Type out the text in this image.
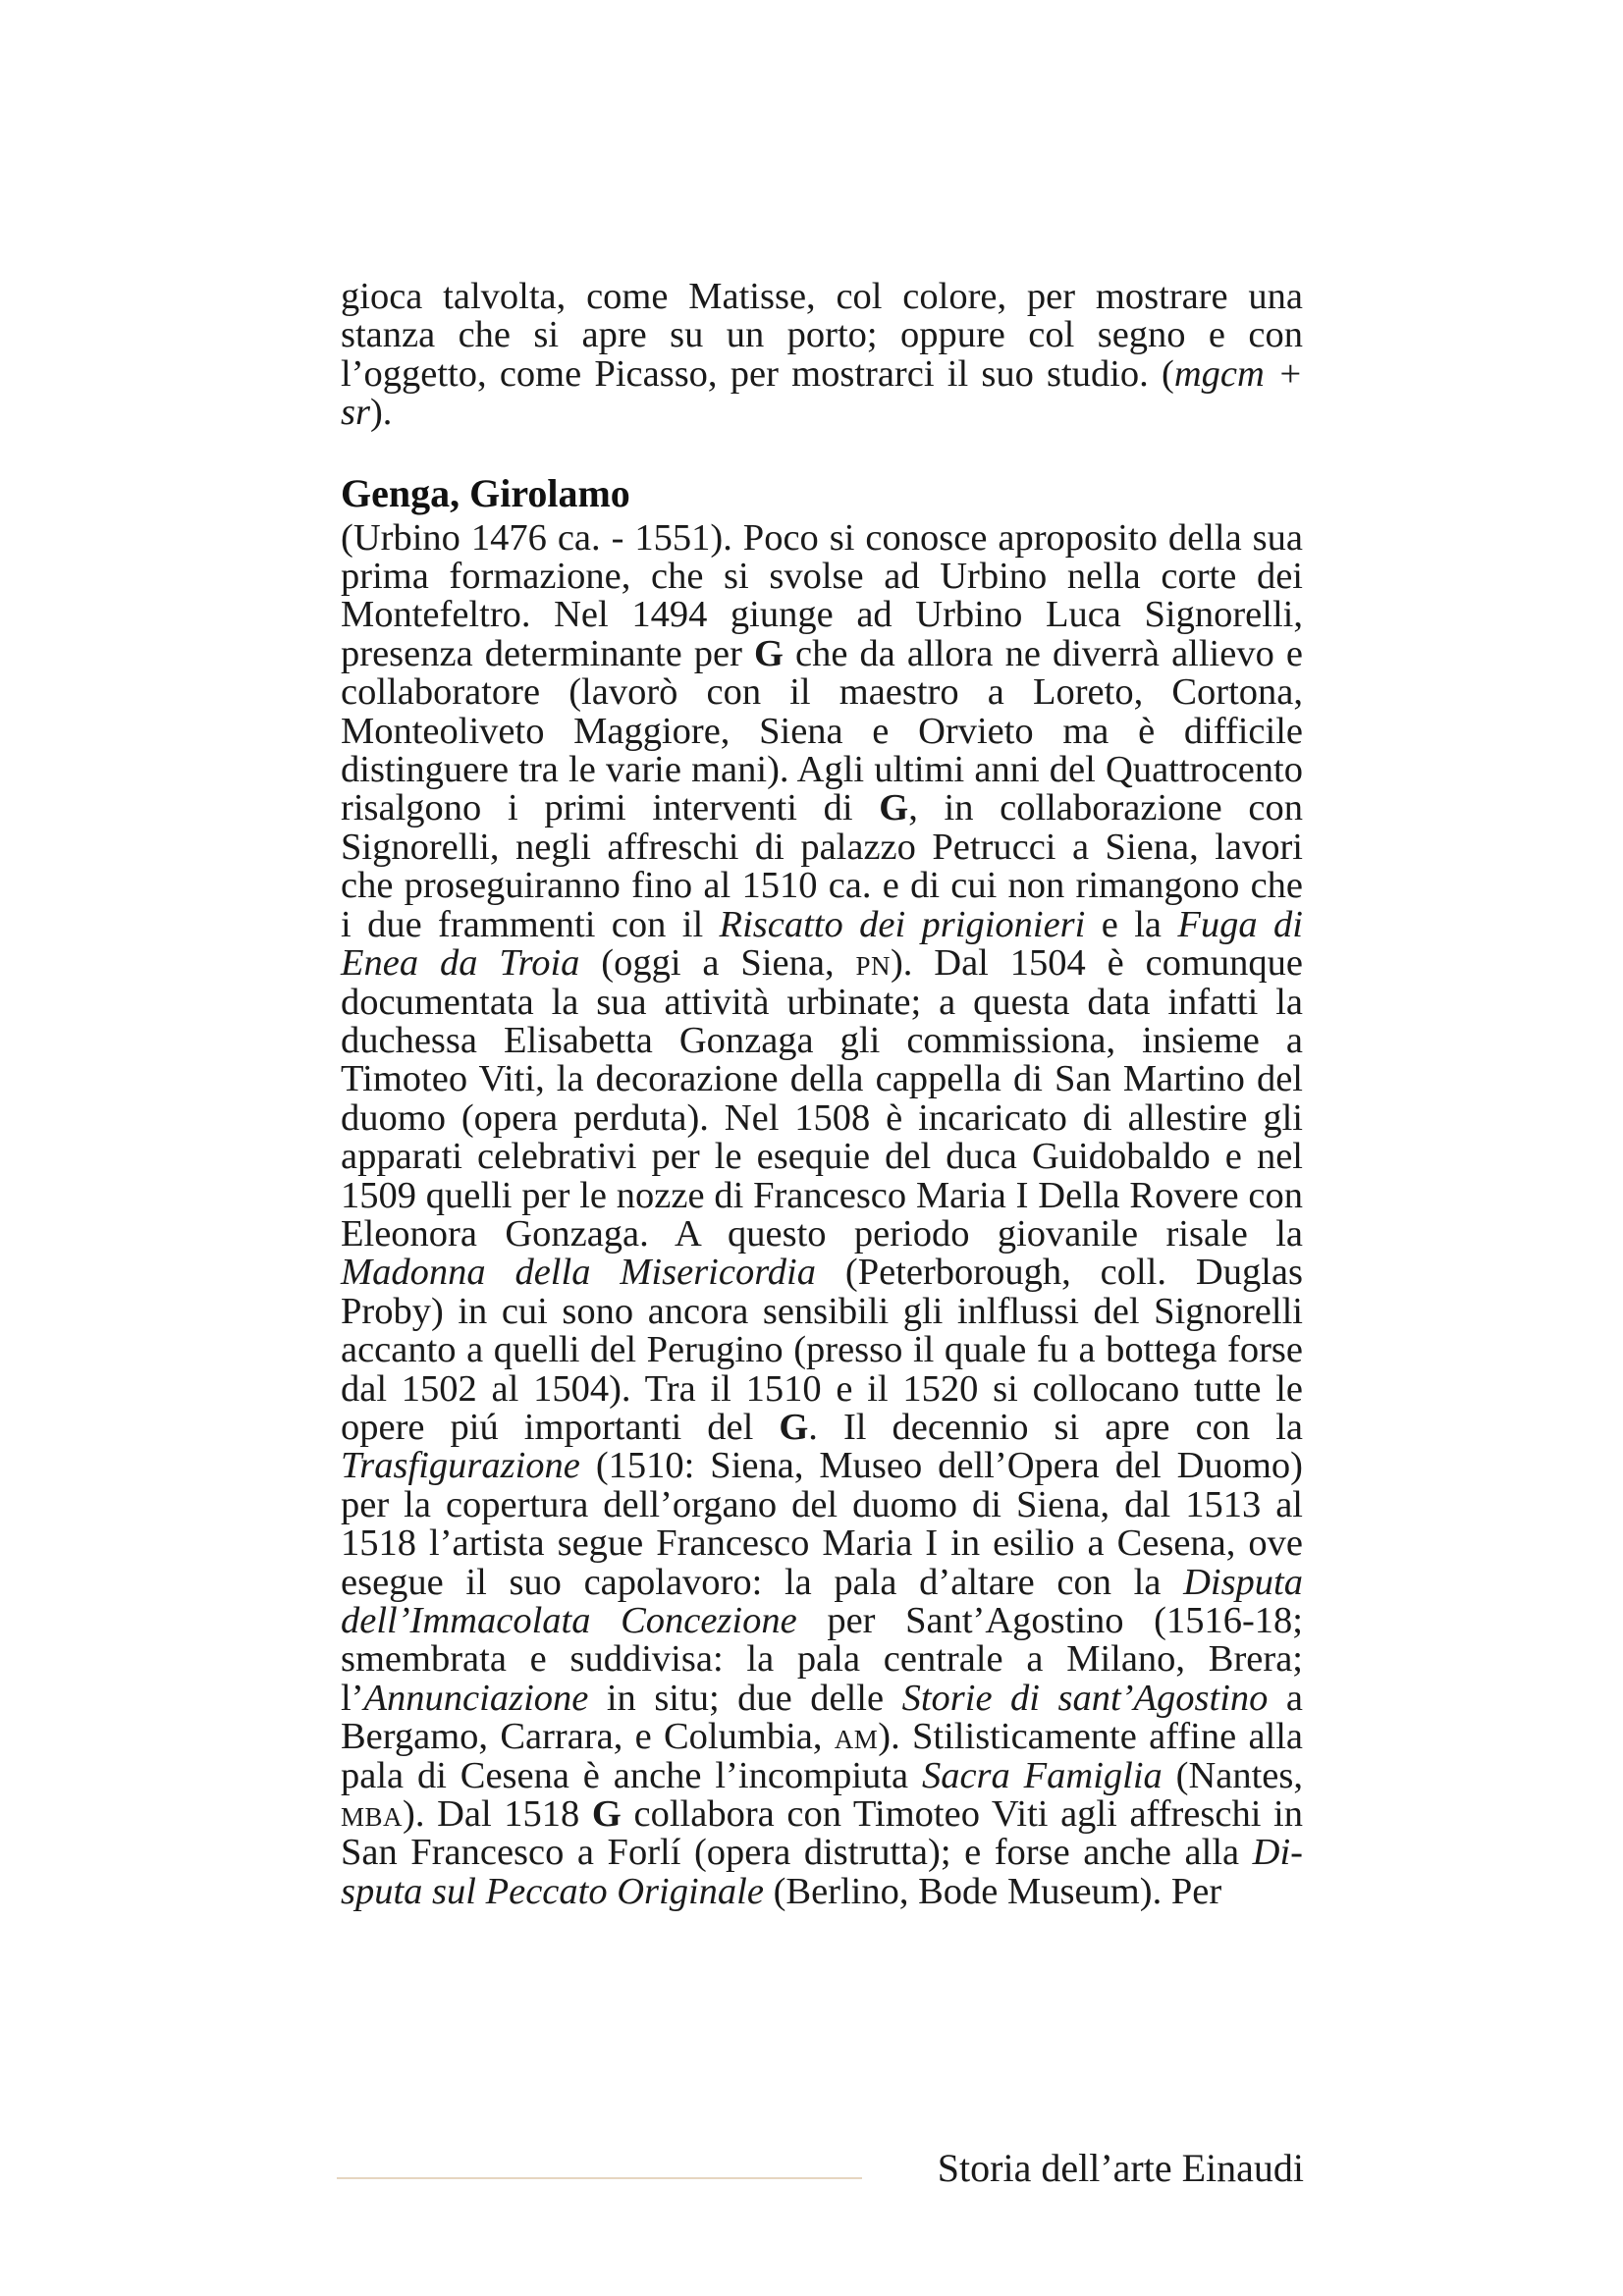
gioca talvolta, come Matisse, col colore, per mostrare una stanza che si apre su un porto; oppure col segno e con l’oggetto, come Picasso, per mostrarci il suo studio. (mgcm + sr).

Genga, Girolamo

(Urbino 1476 ca. - 1551). Poco si conosce aproposito della sua prima formazione, che si svolse ad Urbino nella corte dei Montefeltro. Nel 1494 giunge ad Urbino Luca Signorelli, presenza determinante per G che da allora ne diverrà allievo e collaboratore (lavorò con il maestro a Loreto, Cortona, Monteoliveto Maggiore, Siena e Orvieto ma è difficile distinguere tra le varie mani). Agli ultimi anni del Quattrocento risalgono i primi interventi di G, in collaborazione con Signorelli, negli affreschi di palazzo Petrucci a Siena, lavori che proseguiranno fino al 1510 ca. e di cui non rimangono che i due frammenti con il Riscatto dei prigionieri e la Fuga di Enea da Troia (oggi a Siena, pn). Dal 1504 è comunque documentata la sua attività urbinate; a questa data infatti la duchessa Elisabetta Gonzaga gli commissiona, insieme a Timoteo Viti, la decorazione della cappella di San Martino del duomo (opera perduta). Nel 1508 è incaricato di allestire gli apparati celebrativi per le esequie del duca Guidobaldo e nel 1509 quelli per le nozze di Francesco Maria I Della Rovere con Eleonora Gonzaga. A questo periodo giovanile risale la Madonna della Misericordia (Peterborough, coll. Duglas Proby) in cui sono ancora sensibili gli inlflussi del Signorelli accanto a quelli del Perugino (presso il quale fu a bottega forse dal 1502 al 1504). Tra il 1510 e il 1520 si collocano tutte le opere piú importanti del G. Il decennio si apre con la Trasfigurazione (1510: Siena, Museo dell’Opera del Duomo) per la copertura dell’organo del duomo di Siena, dal 1513 al 1518 l’artista segue Francesco Maria I in esilio a Cesena, ove esegue il suo capolavoro: la pala d’altare con la Disputa dell’Immacolata Concezione per Sant’Agostino (1516-18; smembrata e suddivisa: la pala centrale a Milano, Brera; l’Annunciazione in situ; due delle Storie di sant’Agostino a Bergamo, Carrara, e Columbia, am). Stilisticamente affine alla pala di Cesena è anche l’incompiuta Sacra Famiglia (Nantes, mba). Dal 1518 G collabora con Timoteo Viti agli affreschi in San Francesco a Forlí (opera distrutta); e forse anche alla Disputa sul Peccato Originale (Berlino, Bode Museum). Per

Storia dell’arte Einaudi
